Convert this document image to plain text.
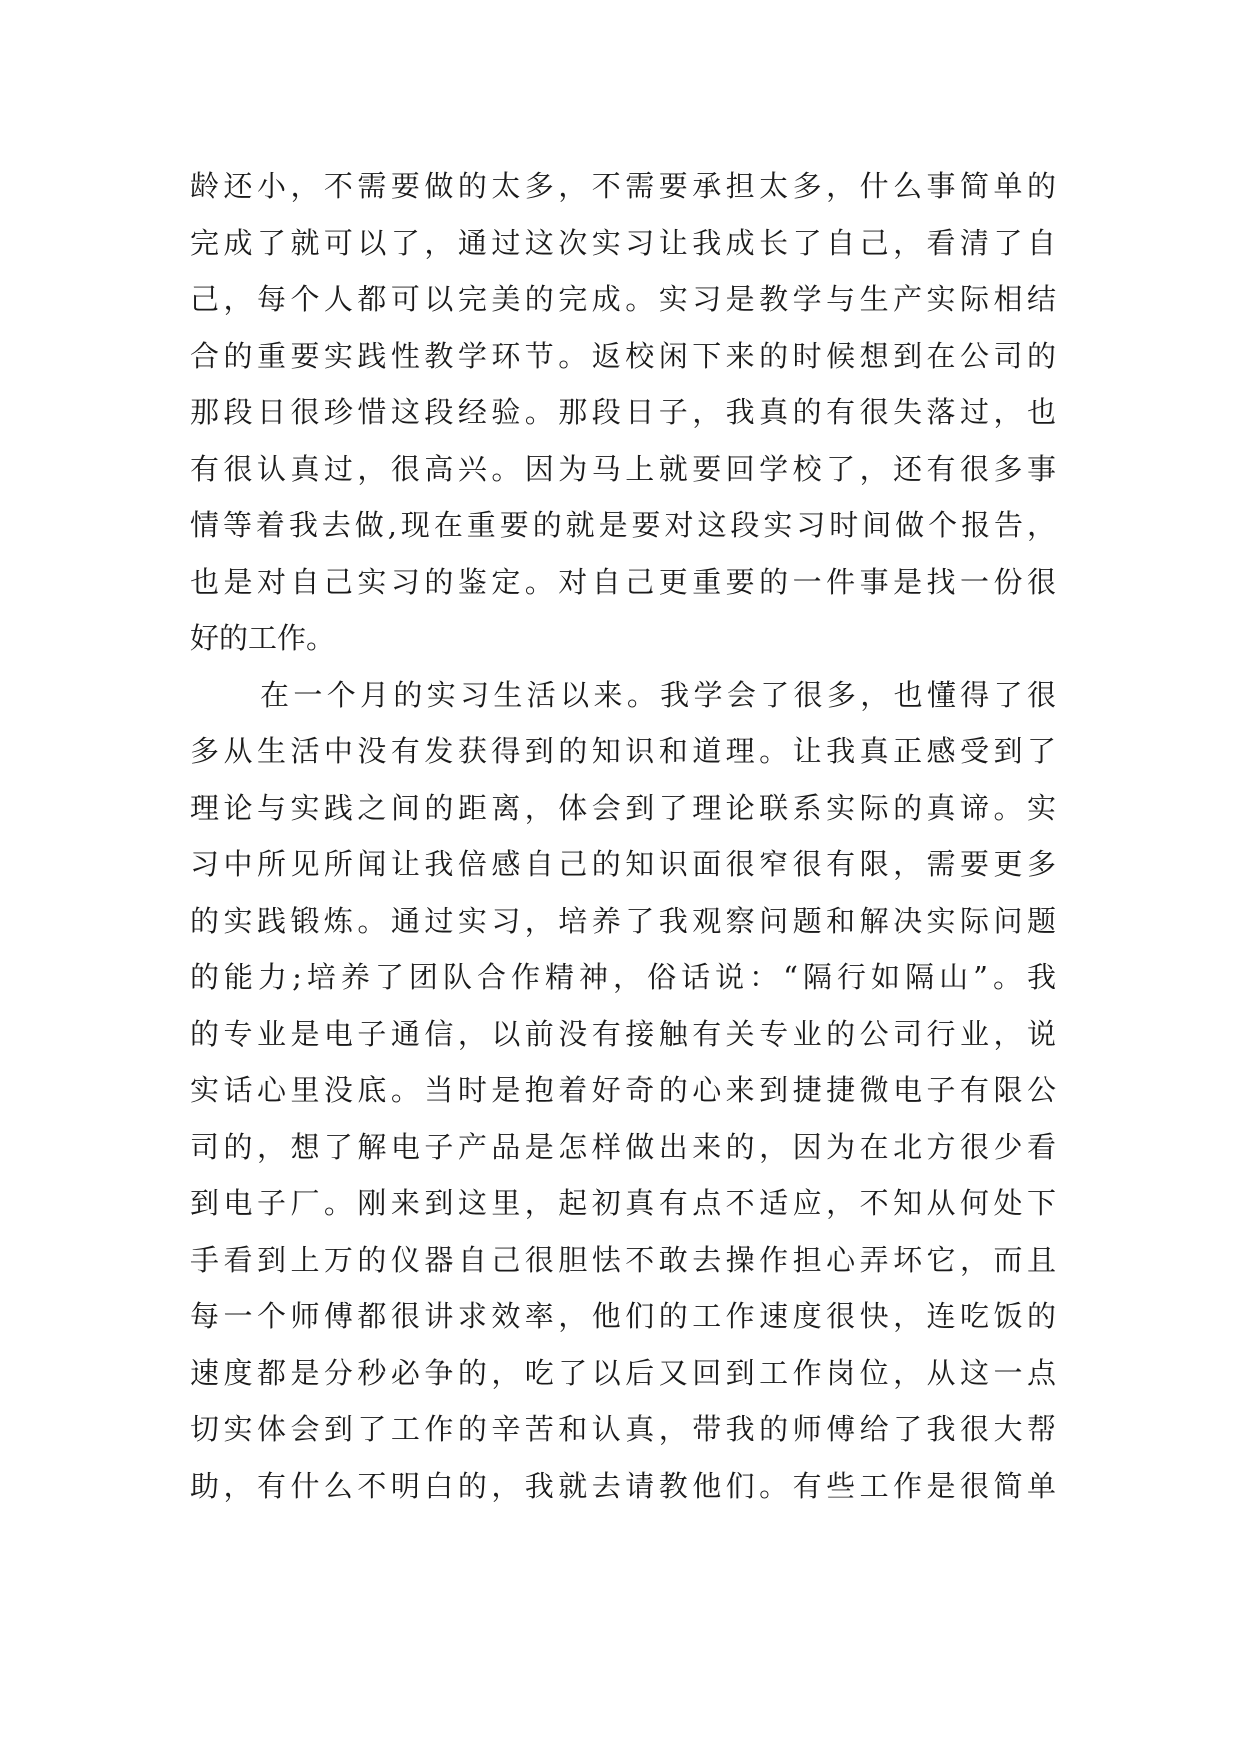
龄还小，不需要做的太多，不需要承担太多，什么事简单的
完成了就可以了，通过这次实习让我成长了自己，看清了自
己，每个人都可以完美的完成。实习是教学与生产实际相结
合的重要实践性教学环节。返校闲下来的时候想到在公司的
那段日很珍惜这段经验。那段日子，我真的有很失落过，也
有很认真过，很高兴。因为马上就要回学校了，还有很多事
情等着我去做,现在重要的就是要对这段实习时间做个报告，
也是对自己实习的鉴定。对自己更重要的一件事是找一份很
好的工作。
在一个月的实习生活以来。我学会了很多，也懂得了很
多从生活中没有发获得到的知识和道理。让我真正感受到了
理论与实践之间的距离，体会到了理论联系实际的真谛。实
习中所见所闻让我倍感自己的知识面很窄很有限，需要更多
的实践锻炼。通过实习，培养了我观察问题和解决实际问题
的能力;培养了团队合作精神，俗话说：“隔行如隔山”。我
的专业是电子通信，以前没有接触有关专业的公司行业，说
实话心里没底。当时是抱着好奇的心来到捷捷微电子有限公
司的，想了解电子产品是怎样做出来的，因为在北方很少看
到电子厂。刚来到这里，起初真有点不适应，不知从何处下
手看到上万的仪器自己很胆怯不敢去操作担心弄坏它，而且
每一个师傅都很讲求效率，他们的工作速度很快，连吃饭的
速度都是分秒必争的，吃了以后又回到工作岗位，从这一点
切实体会到了工作的辛苦和认真，带我的师傅给了我很大帮
助，有什么不明白的，我就去请教他们。有些工作是很简单
